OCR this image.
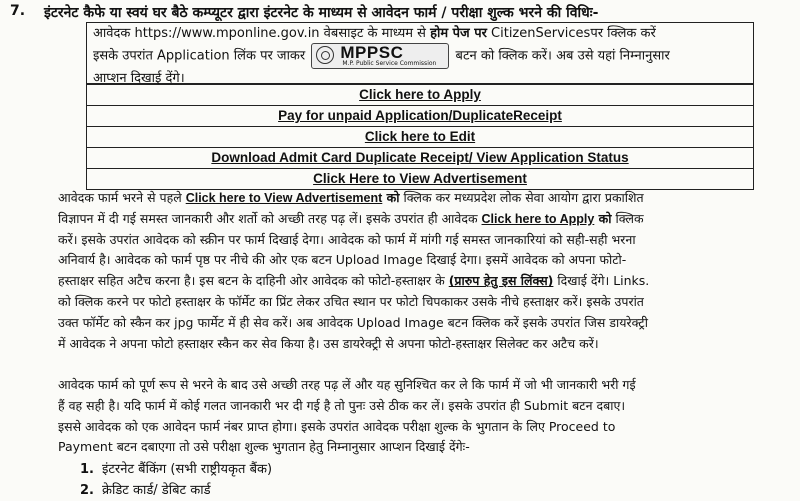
7. इंटरनेट कैफे या स्वयं घर बैठे कम्प्यूटर द्वारा इंटरनेट के माध्यम से आवेदन फार्म / परीक्षा शुल्क भरने की विधिः-
आवेदक https://www.mponline.gov.in वेबसाइट के माध्यम से होम पेज पर CitizenServicesपर क्लिक करें
इसके उपरांत Application लिंक पर जाकर MPPSC
M.P. Public Service Commission बटन को क्लिक करें। अब उसे यहां निम्नानुसार
आप्शन दिखाई देंगे।
Click here to Apply
Pay for unpaid Application/DuplicateReceipt
Click here to Edit
Download Admit Card Duplicate Receipt/ View Application Status
Click Here to View Advertisement
आवेदक फार्म भरने से पहले Click here to View Advertisement को क्लिक कर मध्यप्रदेश लोक सेवा आयोग द्वारा प्रकाशित
विज्ञापन में दी गई समस्त जानकारी और शर्तो को अच्छी तरह पढ़ लें। इसके उपरांत ही आवेदक Click here to Apply को क्लिक
करें। इसके उपरांत आवेदक को स्क्रीन पर फार्म दिखाई देगा। आवेदक को फार्म में मांगी गई समस्त जानकारियां को सही-सही भरना
अनिवार्य है। आवेदक को फार्म पृष्ठ पर नीचे की ओर एक बटन Upload Image दिखाई देगा। इसमें आवेदक को अपना फोटो-
हस्ताक्षर सहित अटैच करना है। इस बटन के दाहिनी ओर आवेदक को फोटो-हस्ताक्षर के (प्रारुप हेतु इस लिंक्स) दिखाई देंगे। Links.
को क्लिक करने पर फोटो हस्ताक्षर के फॉर्मेट का प्रिंट लेकर उचित स्थान पर फोटो चिपकाकर उसके नीचे हस्ताक्षर करें। इसके उपरांत
उक्त फॉर्मेट को स्कैन कर jpg फार्मेट में ही सेव करें। अब आवेदक Upload Image बटन क्लिक करें इसके उपरांत जिस डायरेक्ट्री
में आवेदक ने अपना फोटो हस्ताक्षर स्कैन कर सेव किया है। उस डायरेक्ट्री से अपना फोटो-हस्ताक्षर सिलेक्ट कर अटैच करें।
आवेदक फार्म को पूर्ण रूप से भरने के बाद उसे अच्छी तरह पढ़ लें और यह सुनिश्चित कर ले कि फार्म में जो भी जानकारी भरी गई
हैं वह सही है। यदि फार्म में कोई गलत जानकारी भर दी गई है तो पुनः उसे ठीक कर लें। इसके उपरांत ही Submit बटन दबाए।
इससे आवेदक को एक आवेदन फार्म नंबर प्राप्त होगा। इसके उपरांत आवेदक परीक्षा शुल्क के भुगतान के लिए Proceed to
Payment बटन दबाएगा तो उसे परीक्षा शुल्क भुगतान हेतु निम्नानुसार आप्शन दिखाई देंगेः-
1. इंटरनेट बैंकिंग (सभी राष्ट्रीयकृत बैंक)
2. क्रेडिट कार्ड/ डेबिट कार्ड
